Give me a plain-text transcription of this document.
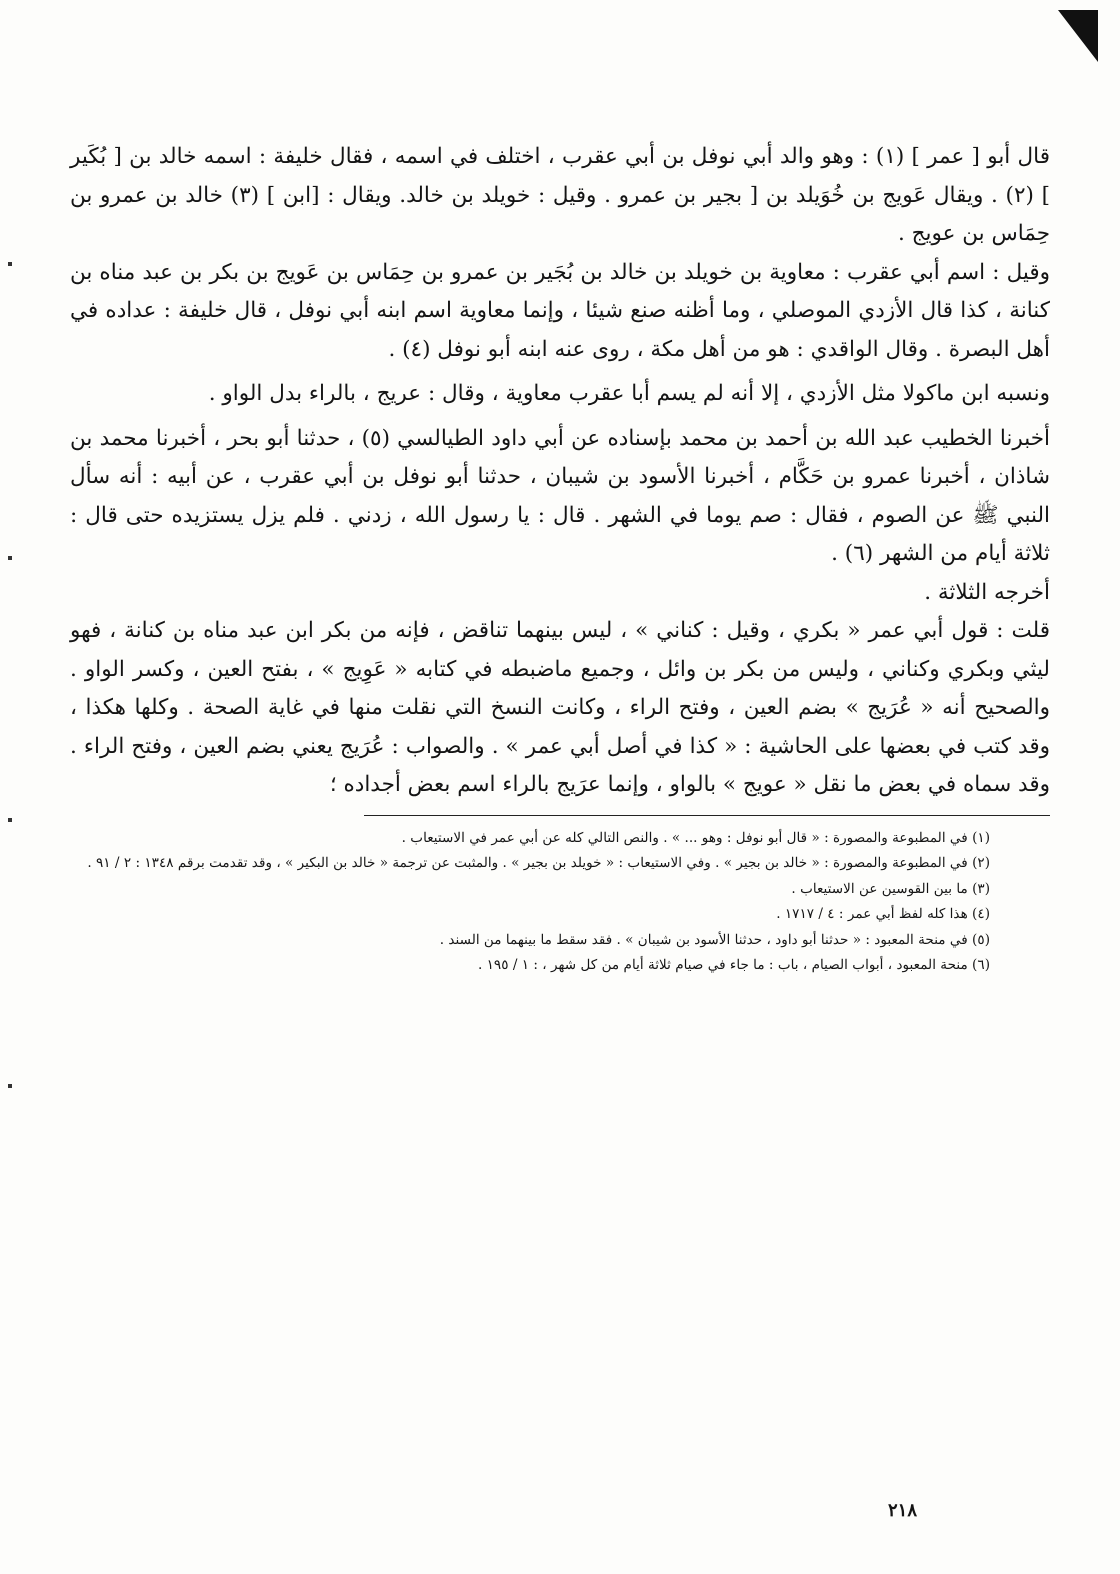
قال أبو [ عمر ] (١) : وهو والد أبي نوفل بن أبي عقرب ، اختلف في اسمه ، فقال خليفة : اسمه خالد بن [ بُكَير ] (٢) . ويقال عَويج بن خُوَيلد بن [ بجير بن عمرو . وقيل : خويلد بن خالد. ويقال : [ابن ] (٣) خالد بن عمرو بن حِمَاس بن عويج .

وقيل : اسم أبي عقرب : معاوية بن خويلد بن خالد بن بُجَير بن عمرو بن حِمَاس بن عَويج بن بكر بن عبد مناه بن كنانة ، كذا قال الأزدي الموصلي ، وما أظنه صنع شيئا ، وإنما معاوية اسم ابنه أبي نوفل ، قال خليفة : عداده في أهل البصرة . وقال الواقدي : هو من أهل مكة ، روى عنه ابنه أبو نوفل (٤) .

ونسبه ابن ماكولا مثل الأزدي ، إلا أنه لم يسم أبا عقرب معاوية ، وقال : عريج ، بالراء بدل الواو .

أخبرنا الخطيب عبد الله بن أحمد بن محمد بإسناده عن أبي داود الطيالسي (٥) ، حدثنا أبو بحر ، أخبرنا محمد بن شاذان ، أخبرنا عمرو بن حَكَّام ، أخبرنا الأسود بن شيبان ، حدثنا أبو نوفل بن أبي عقرب ، عن أبيه : أنه سأل النبي ﷺ عن الصوم ، فقال : صم يوما في الشهر . قال : يا رسول الله ، زدني . فلم يزل يستزيده حتى قال : ثلاثة أيام من الشهر (٦) .

أخرجه الثلاثة .

قلت : قول أبي عمر « بكري ، وقيل : كناني » ، ليس بينهما تناقض ، فإنه من بكر ابن عبد مناه بن كنانة ، فهو ليثي وبكري وكناني ، وليس من بكر بن وائل ، وجميع ماضبطه في كتابه « عَوِيج » ، بفتح العين ، وكسر الواو . والصحيح أنه « عُرَيج » بضم العين ، وفتح الراء ، وكانت النسخ التي نقلت منها في غاية الصحة . وكلها هكذا ، وقد كتب في بعضها على الحاشية : « كذا في أصل أبي عمر » . والصواب : عُرَيج يعني بضم العين ، وفتح الراء . وقد سماه في بعض ما نقل « عويج » بالواو ، وإنما عرَيج بالراء اسم بعض أجداده ؛

(١) في المطبوعة والمصورة : « قال أبو نوفل : وهو ... » . والنص التالي كله عن أبي عمر في الاستيعاب .
(٢) في المطبوعة والمصورة : « خالد بن بجير » . وفي الاستيعاب : « خويلد بن بجير » . والمثبت عن ترجمة « خالد بن البكير » ، وقد تقدمت برقم ١٣٤٨ : ٢ / ٩١ .
(٣) ما بين القوسين عن الاستيعاب .
(٤) هذا كله لفظ أبي عمر : ٤ / ١٧١٧ .
(٥) في منحة المعبود : « حدثنا أبو داود ، حدثنا الأسود بن شيبان » . فقد سقط ما بينهما من السند .
(٦) منحة المعبود ، أبواب الصيام ، باب : ما جاء في صيام ثلاثة أيام من كل شهر ، : ١ / ١٩٥ .
٢١٨
